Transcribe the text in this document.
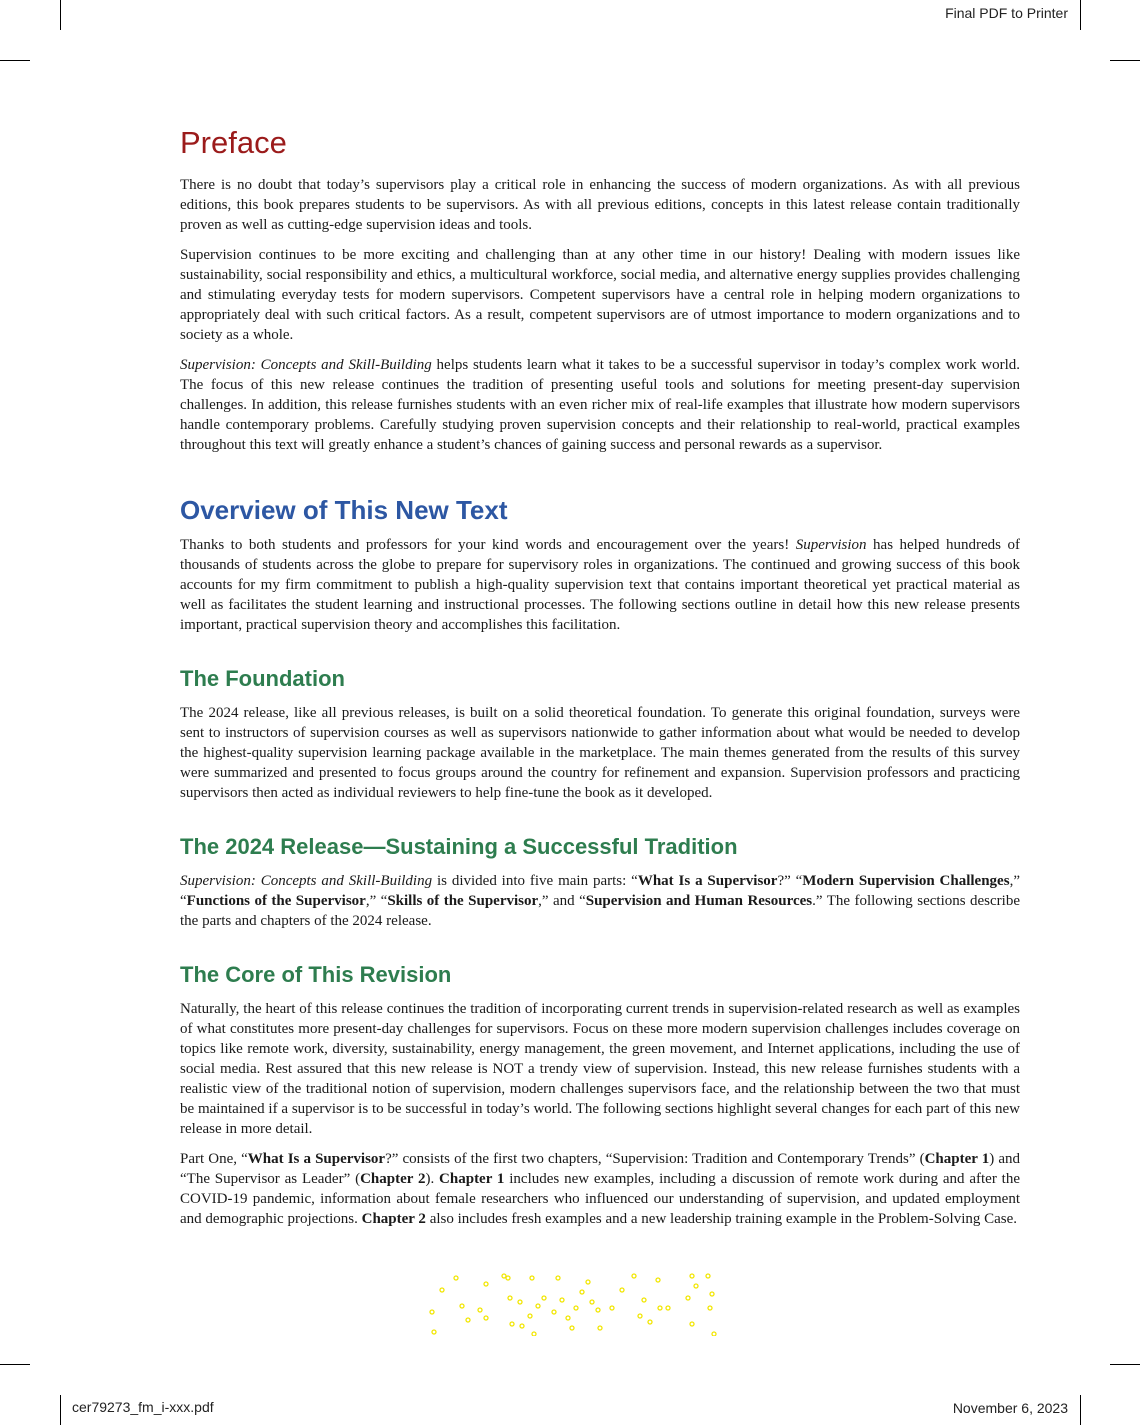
Final PDF to Printer
cer79273_fm_i-xxx.pdf	November 6, 2023
Preface

There is no doubt that today’s supervisors play a critical role in enhancing the success of modern organizations. As with all previous editions, this book prepares students to be supervisors. As with all previous editions, concepts in this latest release contain traditionally proven as well as cutting-edge supervision ideas and tools.

Supervision continues to be more exciting and challenging than at any other time in our history! Dealing with modern issues like sustainability, social responsibility and ethics, a multicultural workforce, social media, and alternative energy supplies provides challenging and stimulating everyday tests for modern supervisors. Competent supervisors have a central role in helping modern organizations to appropriately deal with such critical factors. As a result, competent supervisors are of utmost importance to modern organizations and to society as a whole.

Supervision: Concepts and Skill-Building helps students learn what it takes to be a successful supervisor in today’s complex work world. The focus of this new release continues the tradition of presenting useful tools and solutions for meeting present-day supervision challenges. In addition, this release furnishes students with an even richer mix of real-life examples that illustrate how modern supervisors handle contemporary problems. Carefully studying proven supervision concepts and their relationship to real-world, practical examples throughout this text will greatly enhance a student’s chances of gaining success and personal rewards as a supervisor.

Overview of This New Text

Thanks to both students and professors for your kind words and encouragement over the years! Supervision has helped hundreds of thousands of students across the globe to prepare for supervisory roles in organizations. The continued and growing success of this book accounts for my firm commitment to publish a high-quality supervision text that contains important theoretical yet practical material as well as facilitates the student learning and instructional processes. The following sections outline in detail how this new release presents important, practical supervision theory and accomplishes this facilitation.

The Foundation

The 2024 release, like all previous releases, is built on a solid theoretical foundation. To generate this original foundation, surveys were sent to instructors of supervision courses as well as supervisors nationwide to gather information about what would be needed to develop the highest-quality supervision learning package available in the marketplace. The main themes generated from the results of this survey were summarized and presented to focus groups around the country for refinement and expansion. Supervision professors and practicing supervisors then acted as individual reviewers to help fine-tune the book as it developed.

The 2024 Release—Sustaining a Successful Tradition

Supervision: Concepts and Skill-Building is divided into five main parts: “What Is a Supervisor?” “Modern Supervision Challenges,” “Functions of the Supervisor,” “Skills of the Supervisor,” and “Supervision and Human Resources.” The following sections describe the parts and chapters of the 2024 release.

The Core of This Revision

Naturally, the heart of this release continues the tradition of incorporating current trends in supervision-related research as well as examples of what constitutes more present-day challenges for supervisors. Focus on these more modern supervision challenges includes coverage on topics like remote work, diversity, sustainability, energy management, the green movement, and Internet applications, including the use of social media. Rest assured that this new release is NOT a trendy view of supervision. Instead, this new release furnishes students with a realistic view of the traditional notion of supervision, modern challenges supervisors face, and the relationship between the two that must be maintained if a supervisor is to be successful in today’s world. The following sections highlight several changes for each part of this new release in more detail.

Part One, “What Is a Supervisor?” consists of the first two chapters, “Supervision: Tradition and Contemporary Trends” (Chapter 1) and “The Supervisor as Leader” (Chapter 2). Chapter 1 includes new examples, including a discussion of remote work during and after the COVID-19 pandemic, information about female researchers who influenced our understanding of supervision, and updated employment and demographic projections. Chapter 2 also includes fresh examples and a new leadership training example in the Problem-Solving Case.
